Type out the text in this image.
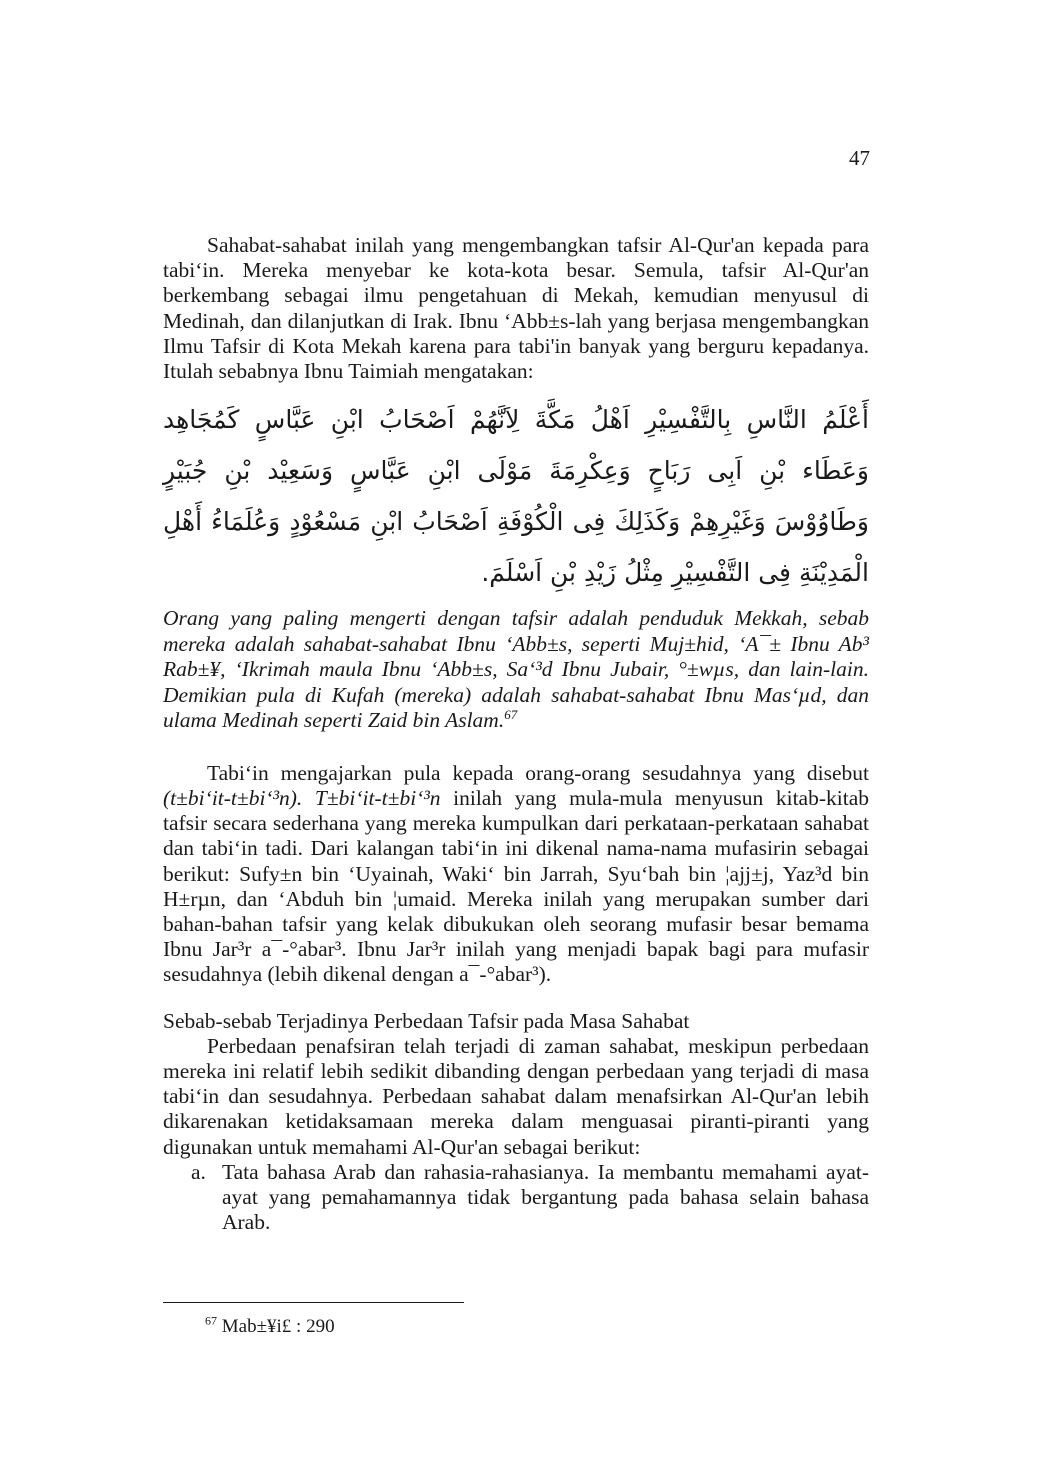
47

Sahabat-sahabat inilah yang mengembangkan tafsir Al-Qur'an kepada para tabi‘in. Mereka menyebar ke kota-kota besar. Semula, tafsir Al-Qur'an berkembang sebagai ilmu pengetahuan di Mekah, kemudian menyusul di Medinah, dan dilanjutkan di Irak. Ibnu ‘Abb±s-lah yang berjasa mengembangkan Ilmu Tafsir di Kota Mekah karena para tabi'in banyak yang berguru kepadanya. Itulah sebabnya Ibnu Taimiah mengatakan:

أَعْلَمُ النَّاسِ بِالتَّفْسِيْرِ اَهْلُ مَكَّةَ لِاَنَّهُمْ اَصْحَابُ ابْنِ عَبَّاسٍ كَمُجَاهِد وَعَطَاء بْنِ اَبِى رَبَاحٍ وَعِكْرِمَةَ مَوْلَى ابْنِ عَبَّاسٍ وَسَعِيْد بْنِ جُبَيْرٍ وَطَاوُوْسَ وَغَيْرِهِمْ وَكَذَلِكَ فِى الْكُوْفَةِ اَصْحَابُ ابْنِ مَسْعُوْدٍ وَعُلَمَاءُ أَهْلِ الْمَدِيْنَةِ فِى التَّفْسِيْرِ مِثْلُ زَيْدِ بْنِ اَسْلَمَ.

Orang yang paling mengerti dengan tafsir adalah penduduk Mekkah, sebab mereka adalah sahabat-sahabat Ibnu ‘Abb±s, seperti Muj±hid, ‘A¯± Ibnu Ab³ Rab±¥, ‘Ikrimah maula Ibnu ‘Abb±s, Sa‘³d Ibnu Jubair, °±wµs, dan lain-lain. Demikian pula di Kufah (mereka) adalah sahabat-sahabat Ibnu Mas‘µd, dan ulama Medinah seperti Zaid bin Aslam.$^{67}$

Tabi‘in mengajarkan pula kepada orang-orang sesudahnya yang disebut (t±bi‘it-t±bi‘³n). T±bi‘it-t±bi‘³n inilah yang mula-mula menyusun kitab-kitab tafsir secara sederhana yang mereka kumpulkan dari perkataan-perkataan sahabat dan tabi‘in tadi. Dari kalangan tabi‘in ini dikenal nama-nama mufasirin sebagai berikut: Sufy±n bin ‘Uyainah, Waki‘ bin Jarrah, Syu‘bah bin ¦ajj±j, Yaz³d bin H±rµn, dan ‘Abduh bin ¦umaid. Mereka inilah yang merupakan sumber dari bahan-bahan tafsir yang kelak dibukukan oleh seorang mufasir besar bemama Ibnu Jar³r a¯-°abar³. Ibnu Jar³r inilah yang menjadi bapak bagi para mufasir sesudahnya (lebih dikenal dengan a¯-°abar³).

Sebab-sebab Terjadinya Perbedaan Tafsir pada Masa Sahabat

Perbedaan penafsiran telah terjadi di zaman sahabat, meskipun perbedaan mereka ini relatif lebih sedikit dibanding dengan perbedaan yang terjadi di masa tabi‘in dan sesudahnya. Perbedaan sahabat dalam menafsirkan Al-Qur'an lebih dikarenakan ketidaksamaan mereka dalam menguasai piranti-piranti yang digunakan untuk memahami Al-Qur'an sebagai berikut:

a. Tata bahasa Arab dan rahasia-rahasianya. Ia membantu memahami ayat-ayat yang pemahamannya tidak bergantung pada bahasa selain bahasa Arab.
$^{67}$ Mab±¥i£ : 290
